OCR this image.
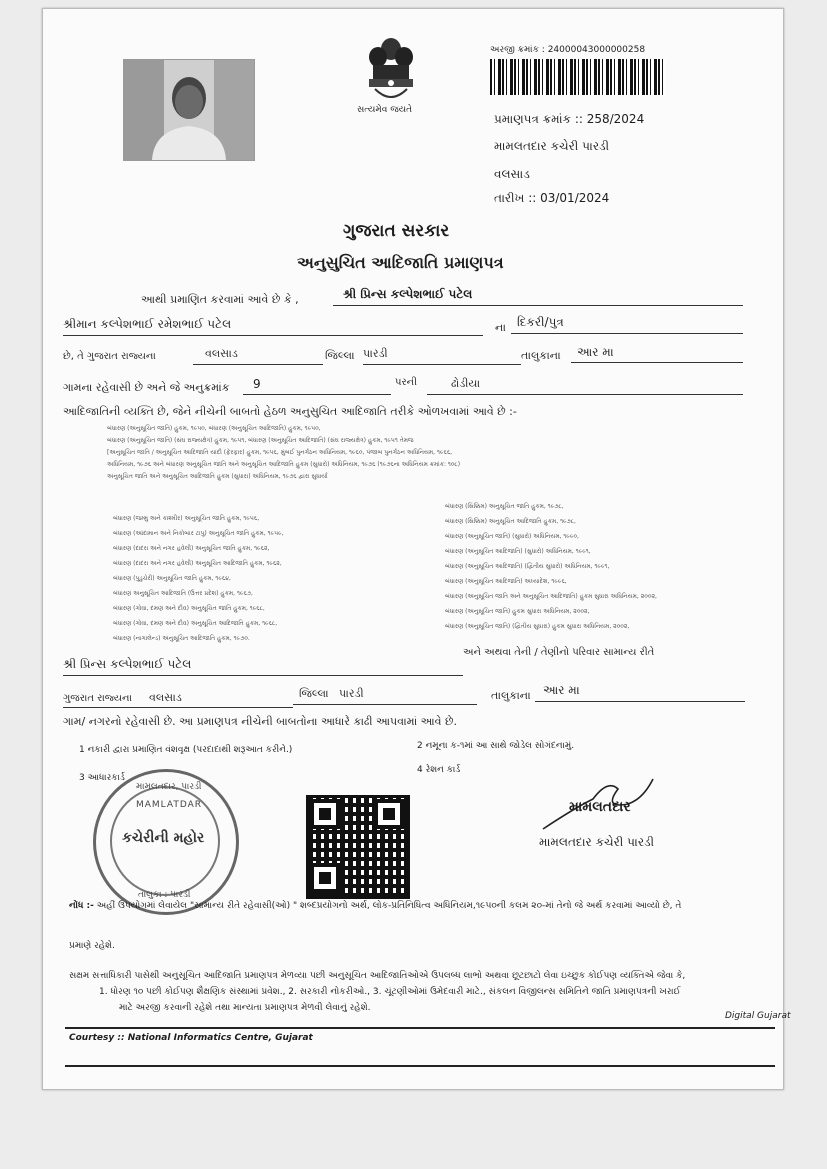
સત્યમેવ જયતે
અરજી ક્રમાંક : 24000043000000258
પ્રમાણપત્ર ક્રમાંક :: 258/2024
મામલતદાર કચેરી પારડી
વલસાડ
તારીખ :: 03/01/2024
ગુજરાત સરકાર
અનુસુચિત આદિજાતિ પ્રમાણપત્ર
આથી પ્રમાણિત કરવામાં આવે છે કે ,	શ્રી પ્રિન્સ કલ્પેશભાઈ પટેલ
શ્રીમાન કલ્પેશભાઈ રમેશભાઈ પટેલ	ના દિકરી/પુત્ર
છે, તે ગુજરાત રાજ્યના	વલસાડ	જિલ્લા પારડી	તાલુકાના આર મા
ગામના રહેવાસી છે અને જે અનુક્રમાંક 9	પરની	ઢોડીયા
આદિજાતિની વ્યક્તિ છે, જેને નીચેની બાબતો હેઠળ અનુસુચિત આદિજાતિ તરીકે ઓળખવામાં આવે છે :-
બંધારણ (અનુસૂચિત જાતિ) હુકમ, ૧૯૫૦, બંધારણ (અનુસૂચિત આદિજાતિ) હુકમ, ૧૯૫૦,
બંધારણ (અનુસૂચિત જાતિ) (સંઘ રાજ્યક્ષેત્ર) હુકમ, ૧૯૫૧, બંધારણ (અનુસૂચિત આદિજાતિ) (સંઘ રાજ્યક્ષેત્ર) હુકમ, ૧૯૫૧ તેમજ
[અનુસૂચિત જાતિ / અનુસૂચિત આદિજાતિ યાદી (ફેરફાર) હુકમ, ૧૯૫૬, મુંબઈ પુનર્ગઠન અધિનિયમ, ૧૯૬૦, પંજાબ પુનર્ગઠન અધિનિયમ, ૧૯૬૬,
અધિનિયમ, ૧૯૭૬ અને બંધારણ અનુસૂચિત જાતિ અને અનુસૂચિત આદિજાતિ હુકમ (સુધારો) અધિનિયમ, ૧૯૭૬ (૧૯૭૬ના અધિનિયમ ક્રમાંક: ૧૦૮)
અનુસૂચિત જાતિ અને અનુસૂચિત આદિજાતિ હુકમ (સુધારા) અધિનિયમ, ૧૯૭૬ દ્વારા સુધાર્યા
બંધારણ (જમ્મુ અને કાશ્મીર) અનુસૂચિત જાતિ હુકમ, ૧૯૫૬,
બંધારણ (આંદામાન અને નિકોબાર ટાપુ) અનુસૂચિત જાતિ હુકમ, ૧૯૫૯,
બંધારણ (દાદરા અને નગર હવેલી) અનુસૂચિત જાતિ હુકમ, ૧૯૬૨,
બંધારણ (દાદરા અને નગર હવેલી) અનુસૂચિત આદિજાતિ હુકમ, ૧૯૬૨,
બંધારણ (પુડુચેરી) અનુસૂચિત જાતિ હુકમ, ૧૯૬૪,
બંધારણ અનુસૂચિત આદિજાતિ (ઉત્તર પ્રદેશ) હુકમ, ૧૯૬૭,
બંધારણ (ગોવા, દમણ અને દીવ) અનુસૂચિત જાતિ હુકમ, ૧૯૬૮,
બંધારણ (ગોવા, દમણ અને દીવ) અનુસૂચિત આદિજાતિ હુકમ, ૧૯૬૮,
બંધારણ (નાગાલેન્ડ) અનુસૂચિત આદિજાતિ હુકમ, ૧૯૭૦.
બંધારણ (સિક્કિમ) અનુસૂચિત જાતિ હુકમ, ૧૯૭૮,
બંધારણ (સિક્કિમ) અનુસૂચિત આદિજાતિ હુકમ, ૧૯૭૮,
બંધારણ (અનુસૂચિત જાતિ) (સુધારો) અધિનિયમ, ૧૯૯૦,
બંધારણ (અનુસૂચિત આદિજાતિ) (સુધારો) અધિનિયમ, ૧૯૯૧,
બંધારણ (અનુસૂચિત આદિજાતિ) (દ્વિતીય સુધારો) અધિનિયમ, ૧૯૯૧,
બંધારણ (અનુસૂચિત આદિજાતિ) અધ્યાદેશ, ૧૯૯૬,
બંધારણ (અનુસૂચિત જાતિ અને અનુસૂચિત આદિજાતિ) હુકમ સુધારા અધિનિયમ, ૨૦૦૨,
બંધારણ (અનુસૂચિત જાતિ) હુકમ સુધારા અધિનિયમ, ૨૦૦૨,
બંધારણ (અનુસૂચિત જાતિ) (દ્વિતીય સુધારા) હુકમ સુધારા અધિનિયમ, ૨૦૦૨,
શ્રી પ્રિન્સ કલ્પેશભાઈ પટેલ
અને અથવા તેની / તેણીનો પરિવાર સામાન્ય રીતે
ગુજરાત રાજ્યના વલસાડ	જિલ્લા પારડી	તાલુકાના આર મા
ગામ/ નગરનો રહેવાસી છે. આ પ્રમાણપત્ર નીચેની બાબતોના આધારે કાઢી આપવામાં આવે છે.
1 નકારી દ્વારા પ્રમાણિત વંશવૃક્ષ (પરદાદાથી શરૂઆત કરીને.)	2 નમૂના ક-૧માં આ સાથે જોડેલ સોગંદનામું.
3 આધારકાર્ડ
4 રેશન કાર્ડ
મામલતદાર, પારડી
MAMLATDAR
કચેરીની મહોર
તાલુકા : પારડી
મામલતદાર
મામલતદાર કચેરી પારડી
નોંધ :- અહીં ઉપયોગમાં લેવાયેલ "સામાન્ય રીતે રહેવાસી(ઓ) " શબ્દપ્રયોગનો અર્થ, લોક-પ્રતિનિધિત્વ અધિનિયમ,૧૯૫૦ની કલમ ૨૦-માં તેનો જે અર્થ કરવામાં આવ્યો છે, તે
પ્રમાણે રહેશે.
સક્ષમ સત્તાધિકારી પાસેથી અનુસૂચિત આદિજાતિ પ્રમાણપત્ર મેળવ્યા પછી અનુસૂચિત આદિજાતિઓએ ઉપલબ્ધ લાભો અથવા છૂટછાટો લેવા ઇચ્છુક કોઈપણ વ્યક્તિએ જેવા કે,
1. ધોરણ ૧૦ પછી કોઈપણ શૈક્ષણિક સંસ્થામાં પ્રવેશ., 2. સરકારી નોકરીઓ., 3. ચૂંટણીઓમાં ઉમેદવારી માટે., સંકલન વિજીલન્સ સમિતિને જાતિ પ્રમાણપત્રની ખરાઈ
માટે અરજી કરવાની રહેશે તથા માન્યતા પ્રમાણપત્ર મેળવી લેવાનું રહેશે.
Digital Gujarat
Courtesy :: National Informatics Centre, Gujarat
